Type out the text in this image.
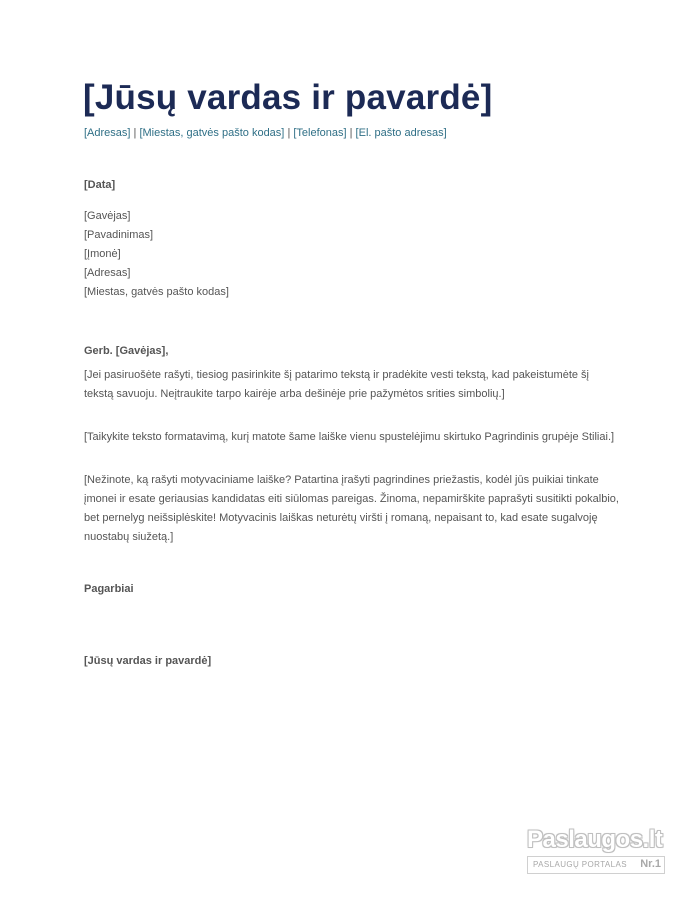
[Jūsų vardas ir pavardė]
[Adresas] | [Miestas, gatvės pašto kodas] | [Telefonas] | [El. pašto adresas]
[Data]
[Gavėjas]
[Pavadinimas]
[Įmonė]
[Adresas]
[Miestas, gatvės pašto kodas]
Gerb. [Gavėjas],
[Jei pasiruošėte rašyti, tiesiog pasirinkite šį patarimo tekstą ir pradėkite vesti tekstą, kad pakeistumėte šį tekstą savuoju. Neįtraukite tarpo kairėje arba dešinėje prie pažymėtos srities simbolių.]
[Taikykite teksto formatavimą, kurį matote šame laiške vienu spustelėjimu skirtuko Pagrindinis grupėje Stiliai.]
[Nežinote, ką rašyti motyvaciniame laiške? Patartina įrašyti pagrindines priežastis, kodėl jūs puikiai tinkate įmonei ir esate geriausias kandidatas eiti siūlomas pareigas. Žinoma, nepamirškite paprašyti susitikti pokalbio, bet pernelyg neišsiplėskite! Motyvacinis laiškas neturėtų viršti į romaną, nepaisant to, kad esate sugalvoję nuostabų siužetą.]
Pagarbiai
[Jūsų vardas ir pavardė]
Paslaugos.lt
PASLAUGŲ PORTALAS Nr.1
